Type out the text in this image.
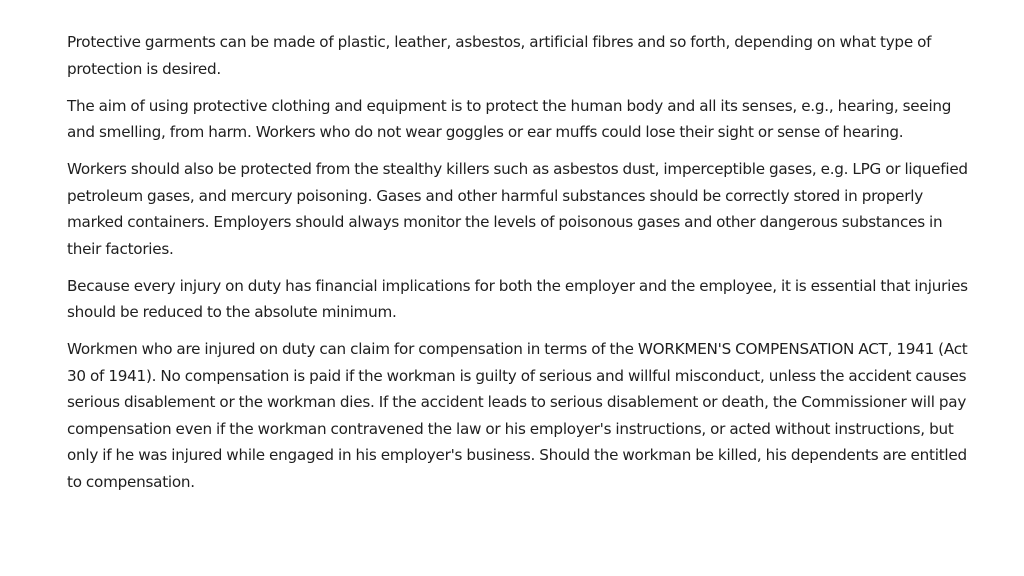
Protective garments can be made of plastic, leather, asbestos, artificial fibres and so forth, depending on what type of protection is desired.

The aim of using protective clothing and equipment is to protect the human body and all its senses, e.g., hearing, seeing and smelling, from harm. Workers who do not wear goggles or ear muffs could lose their sight or sense of hearing.

Workers should also be protected from the stealthy killers such as asbestos dust, imperceptible gases, e.g. LPG or liquefied petroleum gases, and mercury poisoning. Gases and other harmful substances should be correctly stored in properly marked containers. Employers should always monitor the levels of poisonous gases and other dangerous substances in their factories.

Because every injury on duty has financial implications for both the employer and the employee, it is essential that injuries should be reduced to the absolute minimum.

Workmen who are injured on duty can claim for compensation in terms of the WORKMEN'S COMPENSATION ACT, 1941 (Act 30 of 1941). No compensation is paid if the workman is guilty of serious and willful misconduct, unless the accident causes serious disablement or the workman dies. If the accident leads to serious disablement or death, the Commissioner will pay compensation even if the workman contravened the law or his employer's instructions, or acted without instructions, but only if he was injured while engaged in his employer's business. Should the workman be killed, his dependents are entitled to compensation.
